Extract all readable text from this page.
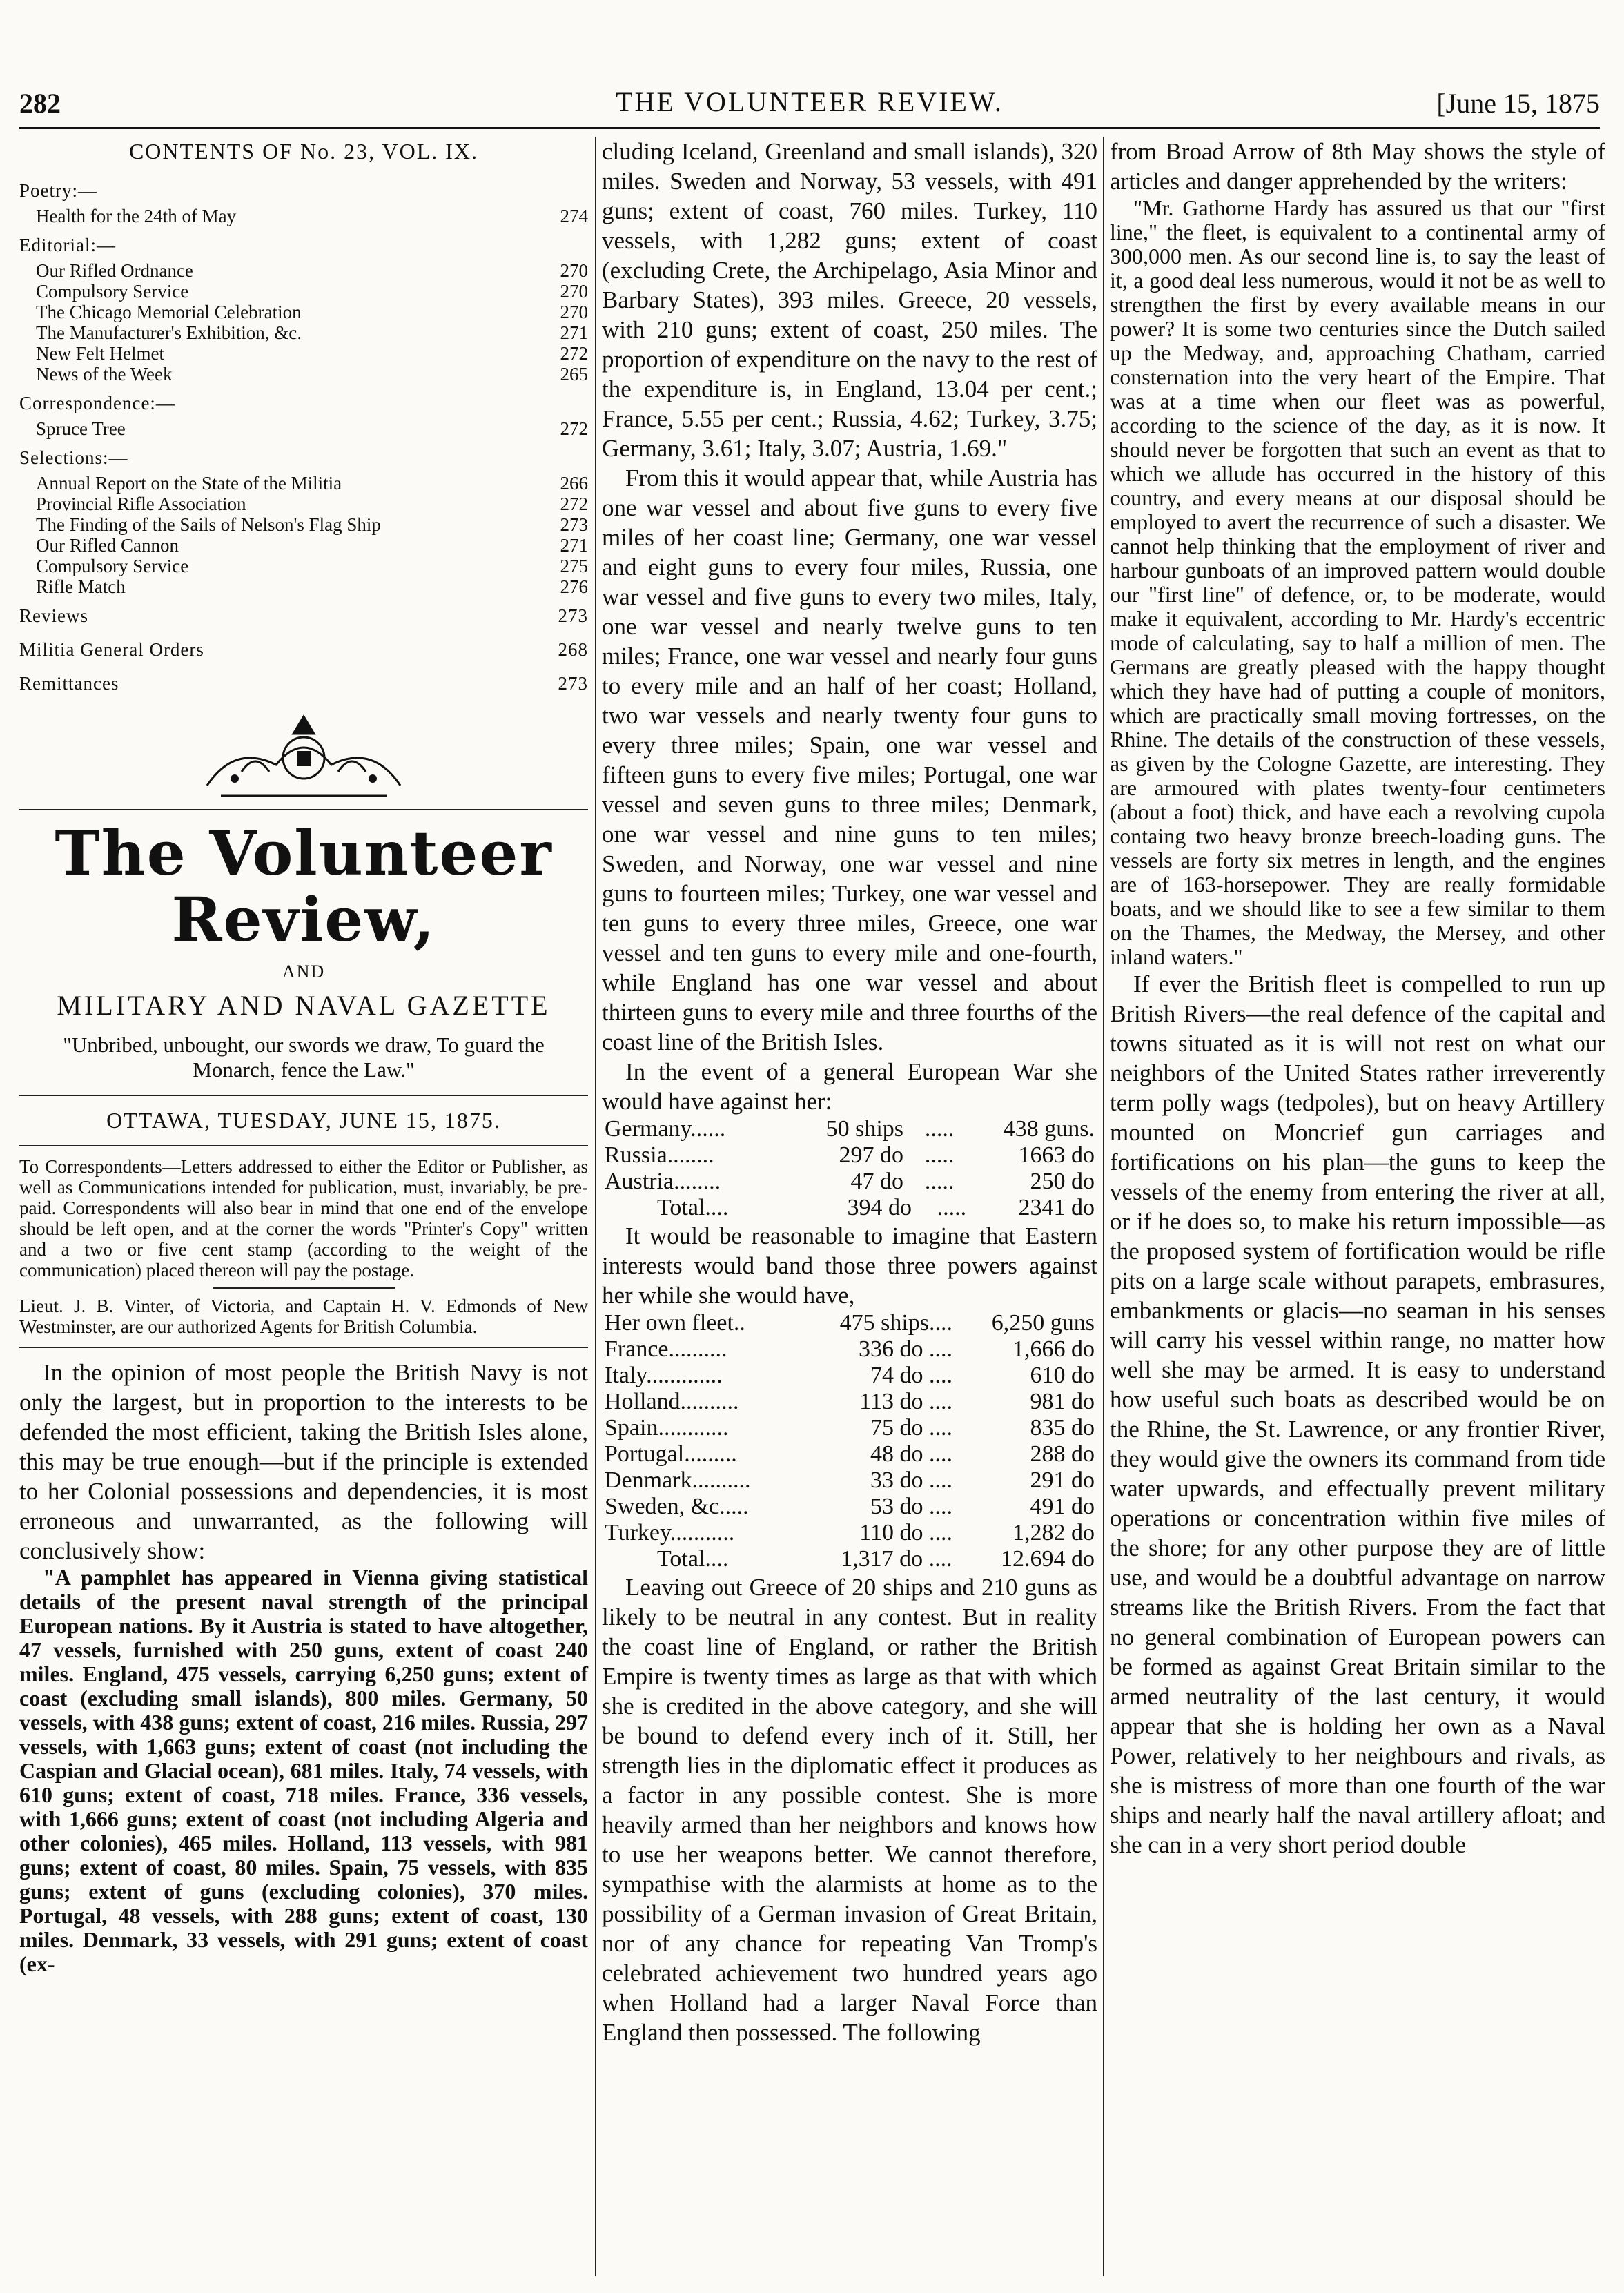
282	THE VOLUNTEER REVIEW.	[June 15, 1875
CONTENTS OF No. 23, VOL. IX.
Poetry:—
Health for the 24th of May	274
Editorial:—
Our Rifled Ordnance	270
Compulsory Service	270
The Chicago Memorial Celebration	270
The Manufacturer's Exhibition, &c.	271
New Felt Helmet	272
News of the Week	265
Correspondence:—
Spruce Tree	272
Selections:—
Annual Report on the State of the Militia	266
Provincial Rifle Association	272
The Finding of the Sails of Nelson's Flag Ship	273
Our Rifled Cannon	271
Compulsory Service	275
Rifle Match	276
Reviews	273
Militia General Orders	268
Remittances	273
The Volunteer Review,
AND
MILITARY AND NAVAL GAZETTE
"Unbribed, unbought, our swords we draw, To guard the Monarch, fence the Law."
OTTAWA, TUESDAY, JUNE 15, 1875.
To Correspondents—Letters addressed to either the Editor or Publisher, as well as Communications intended for publication, must, invariably, be pre-paid. Correspondents will also bear in mind that one end of the envelope should be left open, and at the corner the words "Printer's Copy" written and a two or five cent stamp (according to the weight of the communication) placed thereon will pay the postage.
Lieut. J. B. Vinter, of Victoria, and Captain H. V. Edmonds of New Westminster, are our authorized Agents for British Columbia.

In the opinion of most people the British Navy is not only the largest, but in proportion to the interests to be defended the most efficient, taking the British Isles alone, this may be true enough—but if the principle is extended to her Colonial possessions and dependencies, it is most erroneous and unwarranted, as the following will conclusively show:

"A pamphlet has appeared in Vienna giving statistical details of the present naval strength of the principal European nations. By it Austria is stated to have altogether, 47 vessels, furnished with 250 guns, extent of coast 240 miles. England, 475 vessels, carrying 6,250 guns; extent of coast (excluding small islands), 800 miles. Germany, 50 vessels, with 438 guns; extent of coast, 216 miles. Russia, 297 vessels, with 1,663 guns; extent of coast (not including the Caspian and Glacial ocean), 681 miles. Italy, 74 vessels, with 610 guns; extent of coast, 718 miles. France, 336 vessels, with 1,666 guns; extent of coast (not including Algeria and other colonies), 465 miles. Holland, 113 vessels, with 981 guns; extent of coast, 80 miles. Spain, 75 vessels, with 835 guns; extent of guns (excluding colonies), 370 miles. Portugal, 48 vessels, with 288 guns; extent of coast, 130 miles. Denmark, 33 vessels, with 291 guns; extent of coast (ex-

cluding Iceland, Greenland and small islands), 320 miles. Sweden and Norway, 53 vessels, with 491 guns; extent of coast, 760 miles. Turkey, 110 vessels, with 1,282 guns; extent of coast (excluding Crete, the Archipelago, Asia Minor and Barbary States), 393 miles. Greece, 20 vessels, with 210 guns; extent of coast, 250 miles. The proportion of expenditure on the navy to the rest of the expenditure is, in England, 13.04 per cent.; France, 5.55 per cent.; Russia, 4.62; Turkey, 3.75; Germany, 3.61; Italy, 3.07; Austria, 1.69."

From this it would appear that, while Austria has one war vessel and about five guns to every five miles of her coast line; Germany, one war vessel and eight guns to every four miles, Russia, one war vessel and five guns to every two miles, Italy, one war vessel and nearly twelve guns to ten miles; France, one war vessel and nearly four guns to every mile and an half of her coast; Holland, two war vessels and nearly twenty four guns to every three miles; Spain, one war vessel and fifteen guns to every five miles; Portugal, one war vessel and seven guns to three miles; Denmark, one war vessel and nine guns to ten miles; Sweden, and Norway, one war vessel and nine guns to fourteen miles; Turkey, one war vessel and ten guns to every three miles, Greece, one war vessel and ten guns to every mile and one-fourth, while England has one war vessel and about thirteen guns to every mile and three fourths of the coast line of the British Isles.

In the event of a general European War she would have against her:

Germany......	50 ships	.....	438 guns.
Russia........	297 do	.....	1663 do
Austria........	47 do	.....	250 do
Total....	394 do	.....	2341 do

It would be reasonable to imagine that Eastern interests would band those three powers against her while she would have,

Her own fleet..	475 ships....	6,250 guns
France..........	336 do ....	1,666 do
Italy.............	74 do ....	610 do
Holland..........	113 do ....	981 do
Spain............	75 do ....	835 do
Portugal.........	48 do ....	288 do
Denmark..........	33 do ....	291 do
Sweden, &c.....	53 do ....	491 do
Turkey...........	110 do ....	1,282 do
Total....	1,317 do ....	12.694 do

Leaving out Greece of 20 ships and 210 guns as likely to be neutral in any contest. But in reality the coast line of England, or rather the British Empire is twenty times as large as that with which she is credited in the above category, and she will be bound to defend every inch of it. Still, her strength lies in the diplomatic effect it produces as a factor in any possible contest. She is more heavily armed than her neighbors and knows how to use her weapons better. We cannot therefore, sympathise with the alarmists at home as to the possibility of a German invasion of Great Britain, nor of any chance for repeating Van Tromp's celebrated achievement two hundred years ago when Holland had a larger Naval Force than England then possessed. The following

from Broad Arrow of 8th May shows the style of articles and danger apprehended by the writers:

"Mr. Gathorne Hardy has assured us that our "first line," the fleet, is equivalent to a continental army of 300,000 men. As our second line is, to say the least of it, a good deal less numerous, would it not be as well to strengthen the first by every available means in our power? It is some two centuries since the Dutch sailed up the Medway, and, approaching Chatham, carried consternation into the very heart of the Empire. That was at a time when our fleet was as powerful, according to the science of the day, as it is now. It should never be forgotten that such an event as that to which we allude has occurred in the history of this country, and every means at our disposal should be employed to avert the recurrence of such a disaster. We cannot help thinking that the employment of river and harbour gunboats of an improved pattern would double our "first line" of defence, or, to be moderate, would make it equivalent, according to Mr. Hardy's eccentric mode of calculating, say to half a million of men. The Germans are greatly pleased with the happy thought which they have had of putting a couple of monitors, which are practically small moving fortresses, on the Rhine. The details of the construction of these vessels, as given by the Cologne Gazette, are interesting. They are armoured with plates twenty-four centimeters (about a foot) thick, and have each a revolving cupola containg two heavy bronze breech-loading guns. The vessels are forty six metres in length, and the engines are of 163-horsepower. They are really formidable boats, and we should like to see a few similar to them on the Thames, the Medway, the Mersey, and other inland waters."

If ever the British fleet is compelled to run up British Rivers—the real defence of the capital and towns situated as it is will not rest on what our neighbors of the United States rather irreverently term polly wags (tedpoles), but on heavy Artillery mounted on Moncrief gun carriages and fortifications on his plan—the guns to keep the vessels of the enemy from entering the river at all, or if he does so, to make his return impossible—as the proposed system of fortification would be rifle pits on a large scale without parapets, embrasures, embankments or glacis—no seaman in his senses will carry his vessel within range, no matter how well she may be armed. It is easy to understand how useful such boats as described would be on the Rhine, the St. Lawrence, or any frontier River, they would give the owners its command from tide water upwards, and effectually prevent military operations or concentration within five miles of the shore; for any other purpose they are of little use, and would be a doubtful advantage on narrow streams like the British Rivers. From the fact that no general combination of European powers can be formed as against Great Britain similar to the armed neutrality of the last century, it would appear that she is holding her own as a Naval Power, relatively to her neighbours and rivals, as she is mistress of more than one fourth of the war ships and nearly half the naval artillery afloat; and she can in a very short period double
